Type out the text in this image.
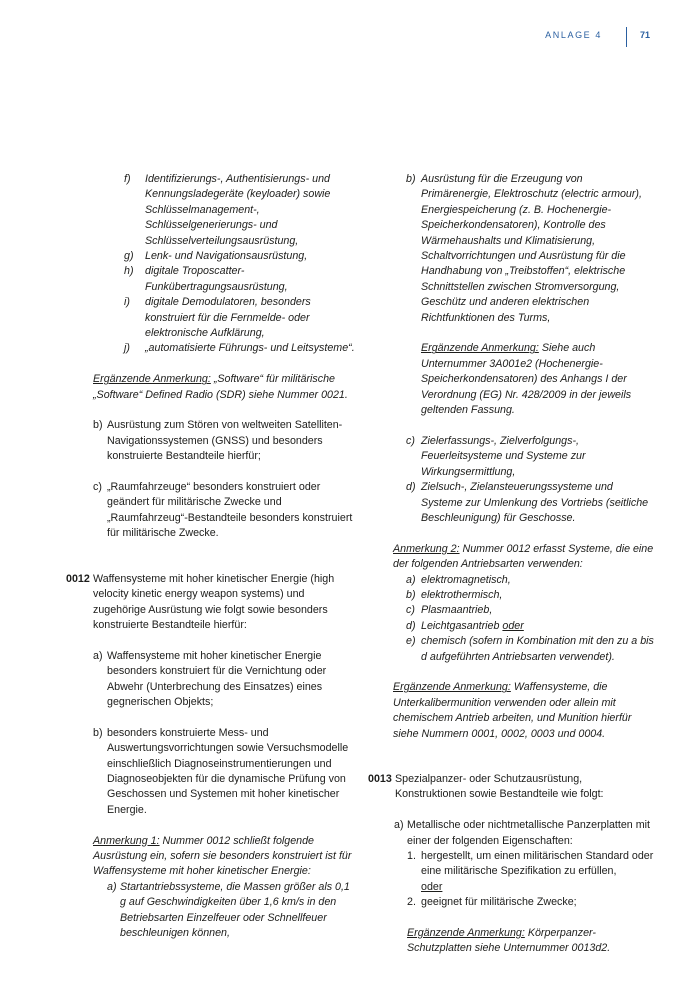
ANLAGE 4	71
f) Identifizierungs-, Authentisierungs- und Kennungsladegeräte (keyloader) sowie Schlüsselmanagement-, Schlüsselgenerierungs- und Schlüsselverteilungsausrüstung,
g) Lenk- und Navigationsausrüstung,
h) digitale Troposcatter-Funkübertragungsausrüstung,
i) digitale Demodulatoren, besonders konstruiert für die Fernmelde- oder elektronische Aufklärung,
j) „automatisierte Führungs- und Leitsysteme“.
Ergänzende Anmerkung: „Software“ für militärische „Software“ Defined Radio (SDR) siehe Nummer 0021.
b) Ausrüstung zum Stören von weltweiten Satelliten-Navigationssystemen (GNSS) und besonders konstruierte Bestandteile hierfür;
c) „Raumfahrzeuge“ besonders konstruiert oder geändert für militärische Zwecke und „Raumfahrzeug“-Bestandteile besonders konstruiert für militärische Zwecke.
0012 Waffensysteme mit hoher kinetischer Energie (high velocity kinetic energy weapon systems) und zugehörige Ausrüstung wie folgt sowie besonders konstruierte Bestandteile hierfür:
a) Waffensysteme mit hoher kinetischer Energie besonders konstruiert für die Vernichtung oder Abwehr (Unterbrechung des Einsatzes) eines gegnerischen Objekts;
b) besonders konstruierte Mess- und Auswertungsvorrichtungen sowie Versuchsmodelle einschließlich Diagnoseinstrumentierungen und Diagnoseobjekten für die dynamische Prüfung von Geschossen und Systemen mit hoher kinetischer Energie.
Anmerkung 1: Nummer 0012 schließt folgende Ausrüstung ein, sofern sie besonders konstruiert ist für Waffensysteme mit hoher kinetischer Energie:
a) Startantriebssysteme, die Massen größer als 0,1 g auf Geschwindigkeiten über 1,6 km/s in den Betriebsarten Einzelfeuer oder Schnellfeuer beschleunigen können,
b) Ausrüstung für die Erzeugung von Primärenergie, Elektroschutz (electric armour), Energiespeicherung (z. B. Hochenergie-Speicherkondensatoren), Kontrolle des Wärmehaushalts und Klimatisierung, Schaltvorrichtungen und Ausrüstung für die Handhabung von „Treibstoffen“, elektrische Schnittstellen zwischen Stromversorgung, Geschütz und anderen elektrischen Richtfunktionen des Turms,
Ergänzende Anmerkung: Siehe auch Unternummer 3A001e2 (Hochenergie-Speicherkondensatoren) des Anhangs I der Verordnung (EG) Nr. 428/2009 in der jeweils geltenden Fassung.
c) Zielerfassungs-, Zielverfolgungs-, Feuerleitsysteme und Systeme zur Wirkungsermittlung,
d) Zielsuch-, Zielansteuerungssysteme und Systeme zur Umlenkung des Vortriebs (seitliche Beschleunigung) für Geschosse.
Anmerkung 2: Nummer 0012 erfasst Systeme, die eine der folgenden Antriebsarten verwenden:
a) elektromagnetisch,
b) elektrothermisch,
c) Plasmaantrieb,
d) Leichtgasantrieb oder
e) chemisch (sofern in Kombination mit den zu a bis d aufgeführten Antriebsarten verwendet).
Ergänzende Anmerkung: Waffensysteme, die Unterkalibermunition verwenden oder allein mit chemischem Antrieb arbeiten, und Munition hierfür siehe Nummern 0001, 0002, 0003 und 0004.
0013 Spezialpanzer- oder Schutzausrüstung, Konstruktionen sowie Bestandteile wie folgt:
a) Metallische oder nichtmetallische Panzerplatten mit einer der folgenden Eigenschaften:
1. hergestellt, um einen militärischen Standard oder eine militärische Spezifikation zu erfüllen,
oder
2. geeignet für militärische Zwecke;
Ergänzende Anmerkung: Körperpanzer-Schutzplatten siehe Unternummer 0013d2.
